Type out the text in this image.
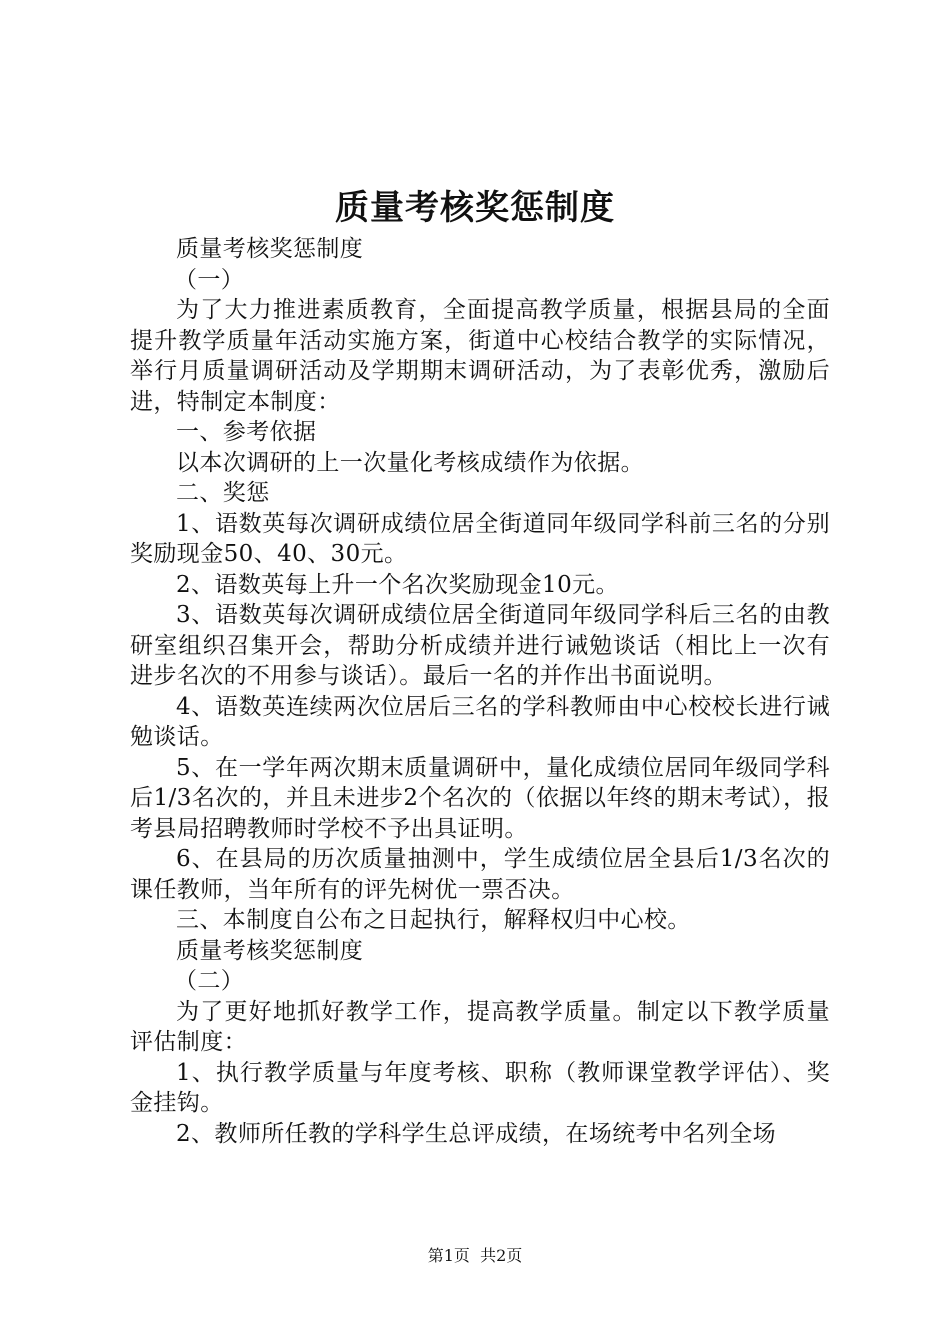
质量考核奖惩制度

质量考核奖惩制度

（一）

为了大力推进素质教育，全面提高教学质量，根据县局的全面提升教学质量年活动实施方案，街道中心校结合教学的实际情况，举行月质量调研活动及学期期末调研活动，为了表彰优秀，激励后进，特制定本制度：

一、参考依据

以本次调研的上一次量化考核成绩作为依据。

二、奖惩

1、语数英每次调研成绩位居全街道同年级同学科前三名的分别奖励现金50、40、30元。

2、语数英每上升一个名次奖励现金10元。

3、语数英每次调研成绩位居全街道同年级同学科后三名的由教研室组织召集开会，帮助分析成绩并进行诫勉谈话（相比上一次有进步名次的不用参与谈话）。最后一名的并作出书面说明。

4、语数英连续两次位居后三名的学科教师由中心校校长进行诫勉谈话。

5、在一学年两次期末质量调研中，量化成绩位居同年级同学科后1/3名次的，并且未进步2个名次的（依据以年终的期末考试），报考县局招聘教师时学校不予出具证明。

6、在县局的历次质量抽测中，学生成绩位居全县后1/3名次的课任教师，当年所有的评先树优一票否决。

三、本制度自公布之日起执行，解释权归中心校。

质量考核奖惩制度

（二）

为了更好地抓好教学工作，提高教学质量。制定以下教学质量评估制度：

1、执行教学质量与年度考核、职称（教师课堂教学评估）、奖金挂钩。

2、教师所任教的学科学生总评成绩，在场统考中名列全场

第1页 共2页
